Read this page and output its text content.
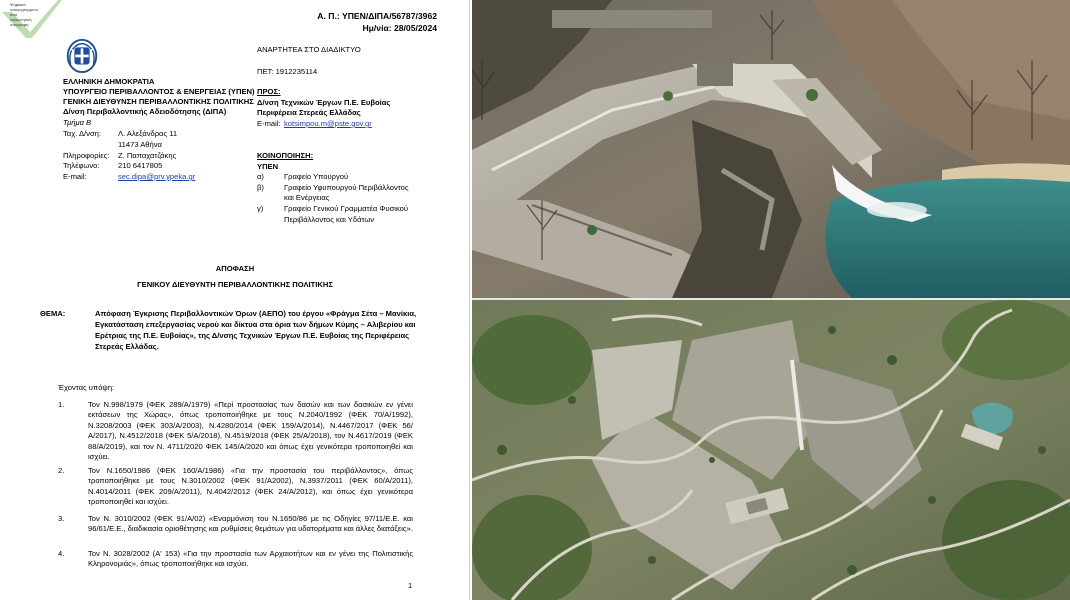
Ψηφιακά
υπογεγραμμένο
από
κυβερνητική
υπογραφή
Α. Π.: ΥΠΕΝ/ΔΙΠΑ/56787/3962
Ημ/νία: 28/05/2024
ΕΛΛΗΝΙΚΗ ΔΗΜΟΚΡΑΤΙΑ
ΥΠΟΥΡΓΕΙΟ ΠΕΡΙΒΑΛΛΟΝΤΟΣ & ΕΝΕΡΓΕΙΑΣ (ΥΠΕΝ)
ΓΕΝΙΚΗ ΔΙΕΥΘΥΝΣΗ ΠΕΡΙΒΑΛΛΟΝΤΙΚΗΣ ΠΟΛΙΤΙΚΗΣ
Δ/νση Περιβαλλοντικής Αδειοδότησης (ΔΙΠΑ)
Τμήμα Β
Ταχ. Δ/νση: Λ. Αλεξάνδρας 11
11473 Αθήνα
Πληροφορίες: Ζ. Παπαχατζάκης
Τηλέφωνο: 210 6417805
E-mail:	sec.dipa@prv.ypeka.gr
ΑΝΑΡΤΗΤΕΑ ΣΤΟ ΔΙΑΔΙΚΤΥΟ
ΠΕΤ: 1912235114
ΠΡΟΣ:
Δ/νση Τεχνικών Έργων Π.Ε. Ευβοίας
Περιφέρεια Στερεάς Ελλάδας
E-mail: kotsimpou.m@pste.gov.gr
ΚΟΙΝΟΠΟΙΗΣΗ:
ΥΠΕΝ
α)	Γραφείο Υπουργού
β)	Γραφείο Υφυπουργού Περιβάλλοντος
και Ενέργειας
γ)	Γραφείο Γενικού Γραμματέα Φυσικού
Περιβάλλοντος και Υδάτων
ΑΠΟΦΑΣΗ
ΓΕΝΙΚΟΥ ΔΙΕΥΘΥΝΤΗ ΠΕΡΙΒΑΛΛΟΝΤΙΚΗΣ ΠΟΛΙΤΙΚΗΣ
ΘΕΜΑ:	Απόφαση Έγκρισης Περιβαλλοντικών Όρων (ΑΕΠΟ) του έργου «Φράγμα Σέτα – Μανίκια,
Εγκατάσταση επεξεργασίας νερού και δίκτυα στα όρια των δήμων Κύμης – Αλιβερίου και
Ερέτριας της Π.Ε. Ευβοίας», της Δ/νσης Τεχνικών Έργων Π.Ε. Ευβοίας της Περιφέρειας
Στερεάς Ελλάδας.
Έχοντας υπόψη:
1.	Τον Ν.998/1979 (ΦΕΚ 289/Α/1979) «Περί προστασίας των δασών και των δασικών εν γένει εκτάσεων της Χώρας», όπως τροποποιήθηκε με τους Ν.2040/1992 (ΦΕΚ 70/Α/1992), Ν.3208/2003 (ΦΕΚ 303/Α/2003), Ν.4280/2014 (ΦΕΚ 159/Α/2014), Ν.4467/2017 (ΦΕΚ 56/Α/2017), Ν.4512/2018 (ΦΕΚ 5/Α/2018), Ν.4519/2018 (ΦΕΚ 25/Α/2018), τον Ν.4617/2019 (ΦΕΚ 88/Α/2019), και τον Ν. 4711/2020 ΦΕΚ 145/Α/2020 και όπως έχει γενικότερα τροποποιηθεί και ισχύει.
2.	Τον Ν.1650/1986 (ΦΕΚ 160/Α/1986) «Για την προστασία του περιβάλλοντος», όπως τροποποιήθηκε με τους Ν.3010/2002 (ΦΕΚ 91/Α2002), Ν.3937/2011 (ΦΕΚ 60/Α/2011), Ν.4014/2011 (ΦΕΚ 209/Α/2011), Ν.4042/2012 (ΦΕΚ 24/Α/2012), και όπως έχει γενικότερα τροποποιηθεί και ισχύει.
3.	Τον Ν. 3010/2002 (ΦΕΚ 91/Α/02) «Εναρμόνιση του Ν.1650/86 με τις Οδηγίες 97/11/Ε.Ε. και 96/61/Ε.Ε., διαδικασία οριοθέτησης και ρυθμίσεις θεμάτων για υδατορέματα και άλλες διατάξεις».
4.	Τον Ν. 3028/2002 (Α' 153) «Για την προστασία των Αρχαιοτήτων και εν γένει της Πολιτιστικής Κληρονομιάς», όπως τροποποιήθηκε και ισχύει.
1
